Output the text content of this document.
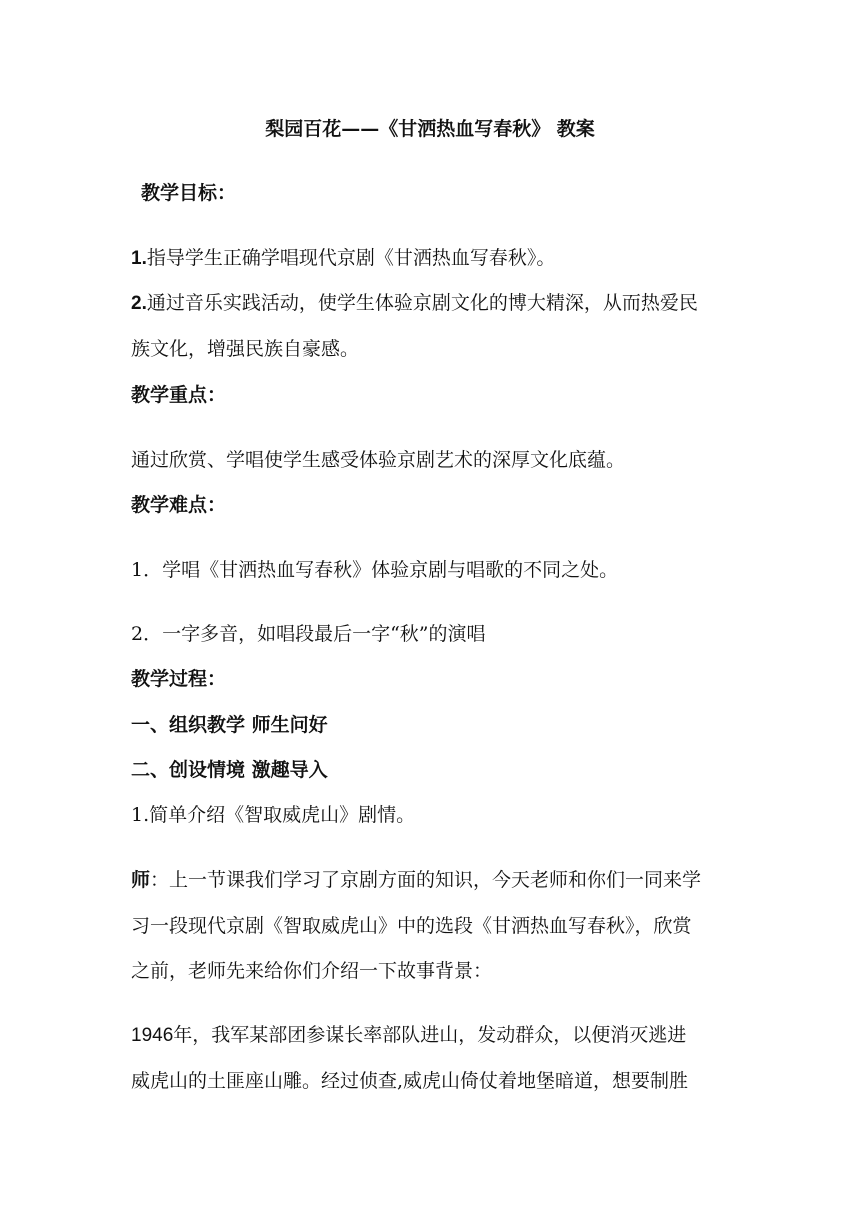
梨园百花——《甘洒热血写春秋》 教案
教学目标：
1.指导学生正确学唱现代京剧《甘洒热血写春秋》。
2.通过音乐实践活动，使学生体验京剧文化的博大精深，从而热爱民
族文化，增强民族自豪感。
教学重点：
通过欣赏、学唱使学生感受体验京剧艺术的深厚文化底蕴。
教学难点：
1．学唱《甘洒热血写春秋》体验京剧与唱歌的不同之处。
2．一字多音，如唱段最后一字“秋”的演唱
教学过程：
一、组织教学 师生问好
二、创设情境 激趣导入
1.简单介绍《智取威虎山》剧情。
师：上一节课我们学习了京剧方面的知识，今天老师和你们一同来学
习一段现代京剧《智取威虎山》中的选段《甘洒热血写春秋》，欣赏
之前，老师先来给你们介绍一下故事背景：
1946年，我军某部团参谋长率部队进山，发动群众，以便消灭逃进
威虎山的土匪座山雕。经过侦查,威虎山倚仗着地堡暗道，想要制胜
